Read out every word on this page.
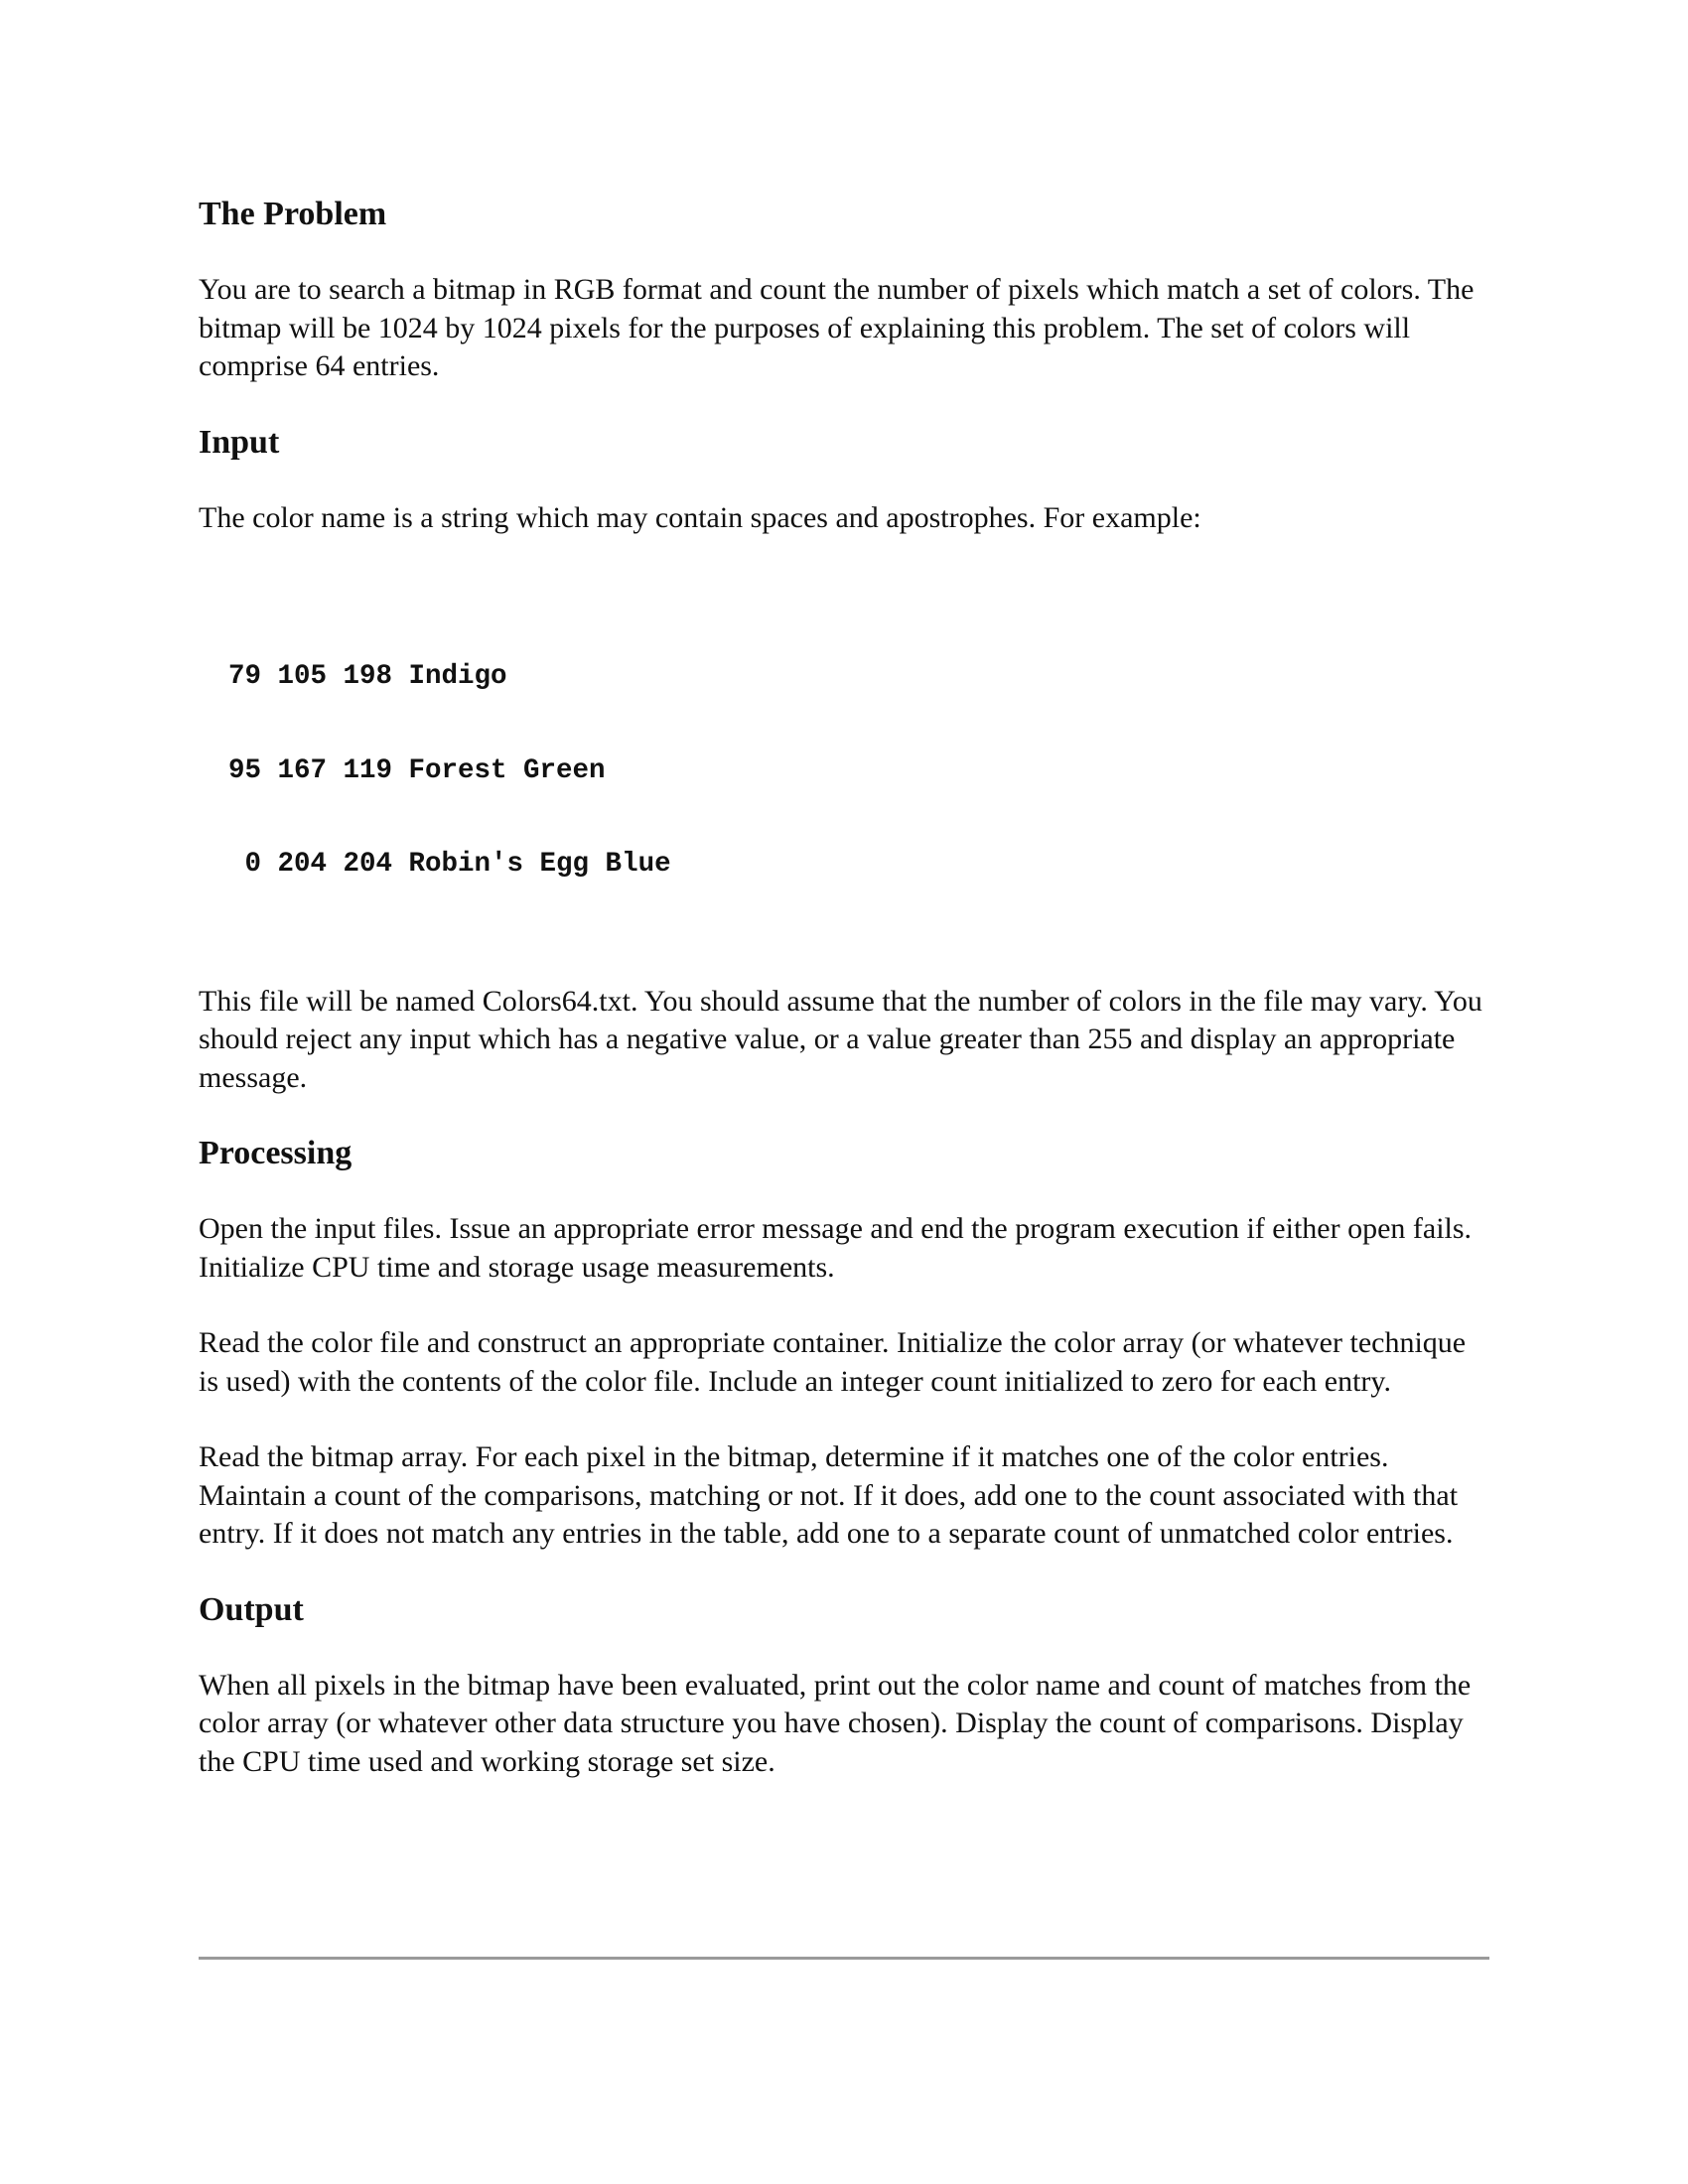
The Problem

You are to search a bitmap in RGB format and count the number of pixels which match a set of colors. The bitmap will be 1024 by 1024 pixels for the purposes of explaining this problem. The set of colors will comprise 64 entries.

Input

The color name is a string which may contain spaces and apostrophes. For example:

79 105 198 Indigo

95 167 119 Forest Green

0 204 204 Robin's Egg Blue

This file will be named Colors64.txt. You should assume that the number of colors in the file may vary. You should reject any input which has a negative value, or a value greater than 255 and display an appropriate message.

Processing

Open the input files. Issue an appropriate error message and end the program execution if either open fails. Initialize CPU time and storage usage measurements.

Read the color file and construct an appropriate container. Initialize the color array (or whatever technique is used) with the contents of the color file. Include an integer count initialized to zero for each entry.

Read the bitmap array. For each pixel in the bitmap, determine if it matches one of the color entries. Maintain a count of the comparisons, matching or not. If it does, add one to the count associated with that entry. If it does not match any entries in the table, add one to a separate count of unmatched color entries.

Output

When all pixels in the bitmap have been evaluated, print out the color name and count of matches from the color array (or whatever other data structure you have chosen). Display the count of comparisons. Display the CPU time used and working storage set size.
